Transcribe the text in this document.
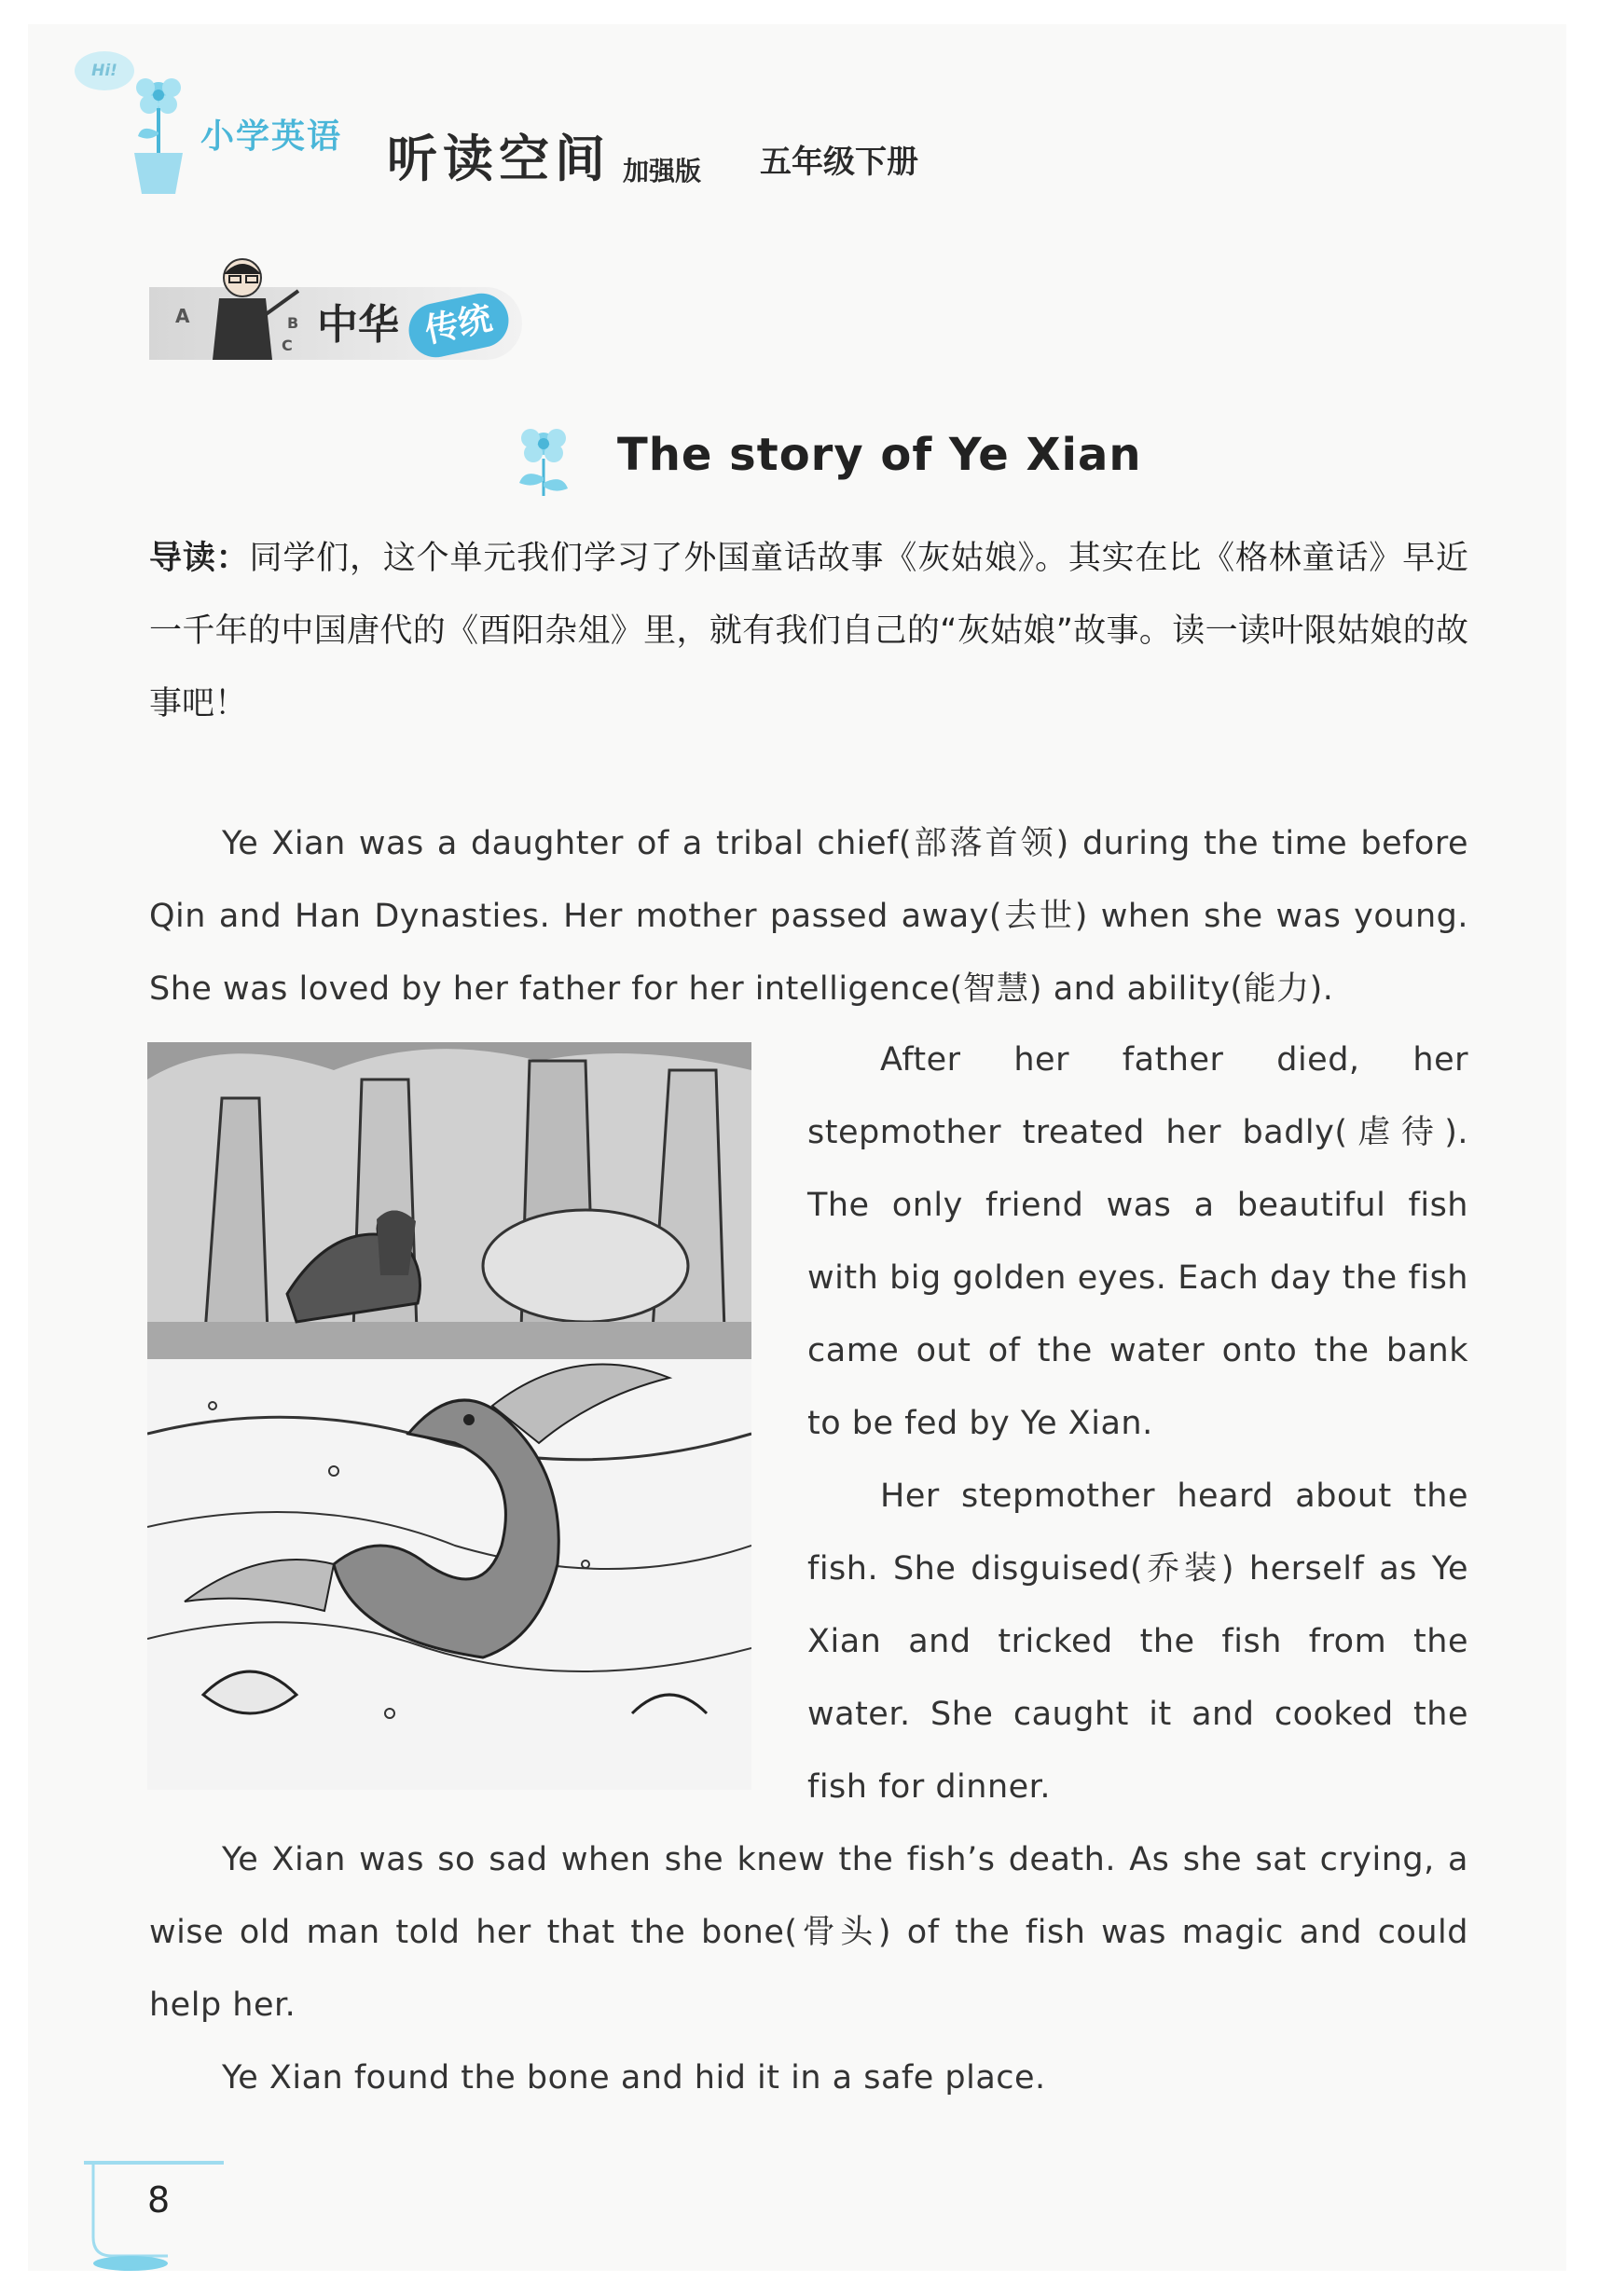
Hi!
小学英语 听读空间 加强版 五年级下册
A	B
C 中华 传统
The story of Ye Xian
导读：同学们，这个单元我们学习了外国童话故事《灰姑娘》。其实在比《格林童话》早近一千年的中国唐代的《酉阳杂俎》里，就有我们自己的“灰姑娘”故事。读一读叶限姑娘的故事吧！
Ye Xian was a daughter of a tribal chief(部落首领) during the time before Qin and Han Dynasties. Her mother passed away(去世) when she was young. She was loved by her father for her intelligence(智慧) and ability(能力).
After her father died, her stepmother treated her badly(虐待). The only friend was a beautiful fish with big golden eyes. Each day the fish came out of the water onto the bank to be fed by Ye Xian.
Her stepmother heard about the fish. She disguised(乔装) herself as Ye Xian and tricked the fish from the water. She caught it and cooked the fish for dinner.
Ye Xian was so sad when she knew the fish’s death. As she sat crying, a wise old man told her that the bone(骨头) of the fish was magic and could help her.
Ye Xian found the bone and hid it in a safe place.
8
